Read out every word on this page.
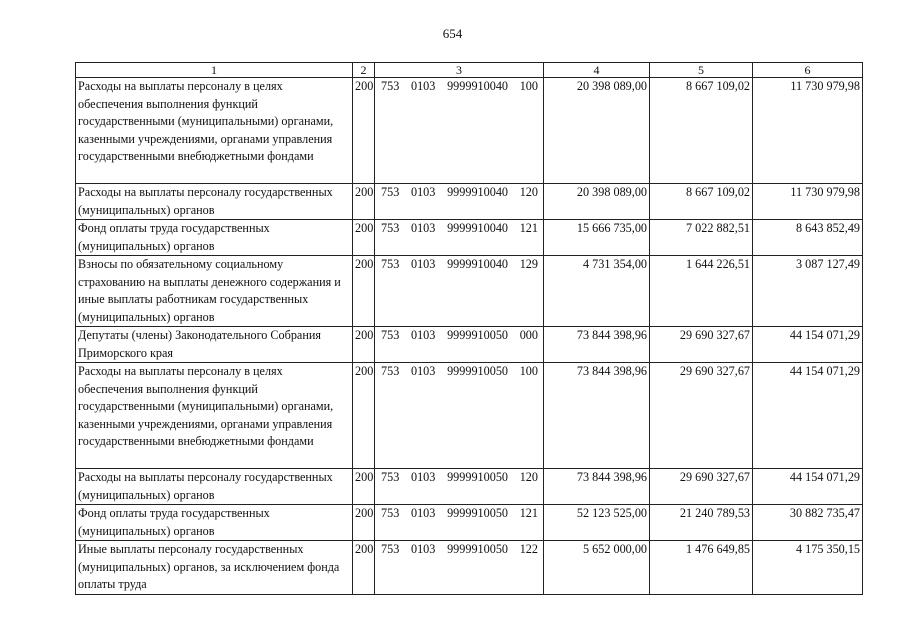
654
1	2	3	4	5	6
Расходы на выплаты персоналу в целях обеспечения выполнения функций государственными (муниципальными) органами, казенными учреждениями, органами управления государственными внебюджетными фондами	200	753 0103 9999910040 100	20 398 089,00	8 667 109,02	11 730 979,98
Расходы на выплаты персоналу государственных (муниципальных) органов	200	753 0103 9999910040 120	20 398 089,00	8 667 109,02	11 730 979,98
Фонд оплаты труда государственных (муниципальных) органов	200	753 0103 9999910040 121	15 666 735,00	7 022 882,51	8 643 852,49
Взносы по обязательному социальному страхованию на выплаты денежного содержания и иные выплаты работникам государственных (муниципальных) органов	200	753 0103 9999910040 129	4 731 354,00	1 644 226,51	3 087 127,49
Депутаты (члены) Законодательного Собрания Приморского края	200	753 0103 9999910050 000	73 844 398,96	29 690 327,67	44 154 071,29
Расходы на выплаты персоналу в целях обеспечения выполнения функций государственными (муниципальными) органами, казенными учреждениями, органами управления государственными внебюджетными фондами	200	753 0103 9999910050 100	73 844 398,96	29 690 327,67	44 154 071,29
Расходы на выплаты персоналу государственных (муниципальных) органов	200	753 0103 9999910050 120	73 844 398,96	29 690 327,67	44 154 071,29
Фонд оплаты труда государственных (муниципальных) органов	200	753 0103 9999910050 121	52 123 525,00	21 240 789,53	30 882 735,47
Иные выплаты персоналу государственных (муниципальных) органов, за исключением фонда оплаты труда	200	753 0103 9999910050 122	5 652 000,00	1 476 649,85	4 175 350,15
